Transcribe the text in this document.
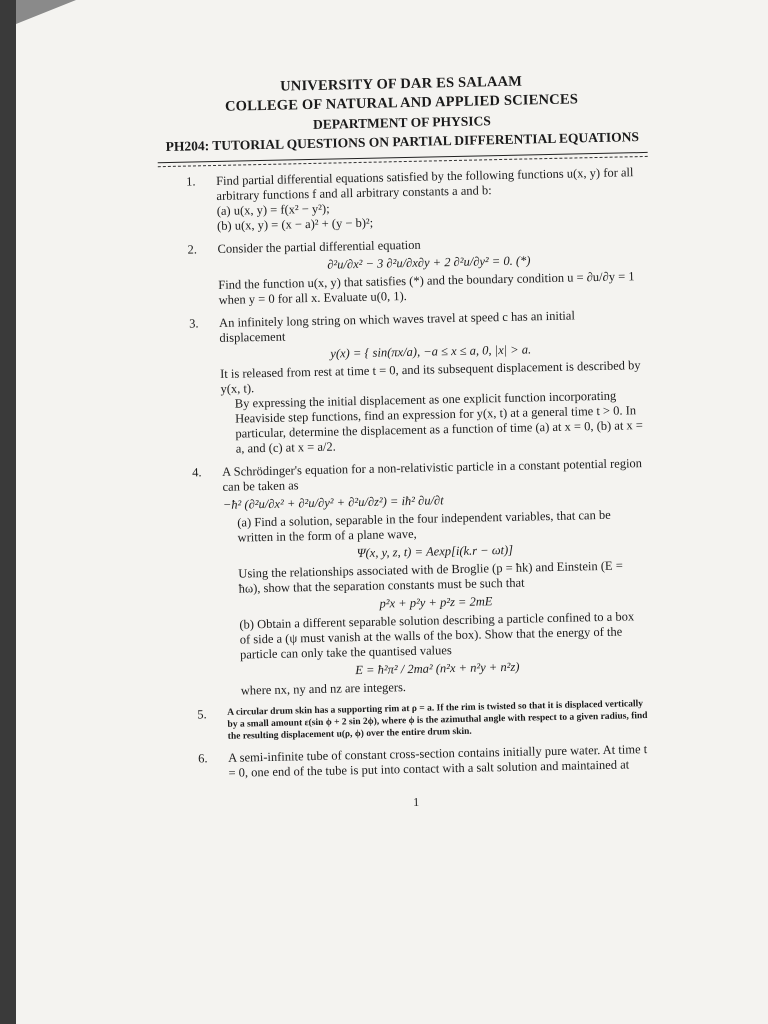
UNIVERSITY OF DAR ES SALAAM
COLLEGE OF NATURAL AND APPLIED SCIENCES
DEPARTMENT OF PHYSICS
PH204: TUTORIAL QUESTIONS ON PARTIAL DIFFERENTIAL EQUATIONS
1. Find partial differential equations satisfied by the following functions u(x, y) for all arbitrary functions f and all arbitrary constants a and b:

(a) u(x, y) = f(x² − y²);

(b) u(x, y) = (x − a)² + (y − b)²;

2. Consider the partial differential equation

∂²u/∂x² − 3 ∂²u/∂x∂y + 2 ∂²u/∂y² = 0. (*)

Find the function u(x, y) that satisfies (*) and the boundary condition u = ∂u/∂y = 1 when y = 0 for all x. Evaluate u(0, 1).

3. An infinitely long string on which waves travel at speed c has an initial displacement

y(x) = { sin(πx/a), −a ≤ x ≤ a, 0, |x| > a.

It is released from rest at time t = 0, and its subsequent displacement is described by y(x, t).

By expressing the initial displacement as one explicit function incorporating Heaviside step functions, find an expression for y(x, t) at a general time t > 0. In particular, determine the displacement as a function of time (a) at x = 0, (b) at x = a, and (c) at x = a/2.

4. A Schrödinger's equation for a non-relativistic particle in a constant potential region can be taken as

−ħ² (∂²u/∂x² + ∂²u/∂y² + ∂²u/∂z²) = iħ² ∂u/∂t

(a) Find a solution, separable in the four independent variables, that can be written in the form of a plane wave,

Ψ(x, y, z, t) = Aexp[i(k.r − ωt)]

Using the relationships associated with de Broglie (p = ħk) and Einstein (E = ħω), show that the separation constants must be such that

p²x + p²y + p²z = 2mE

(b) Obtain a different separable solution describing a particle confined to a box of side a (ψ must vanish at the walls of the box). Show that the energy of the particle can only take the quantised values

E = ħ²π² / 2ma² (n²x + n²y + n²z)

where nx, ny and nz are integers.

5. A circular drum skin has a supporting rim at ρ = a. If the rim is twisted so that it is displaced vertically by a small amount ε(sin ϕ + 2 sin 2ϕ), where ϕ is the azimuthal angle with respect to a given radius, find the resulting displacement u(ρ, ϕ) over the entire drum skin.

6. A semi-infinite tube of constant cross-section contains initially pure water. At time t = 0, one end of the tube is put into contact with a salt solution and maintained at

1
